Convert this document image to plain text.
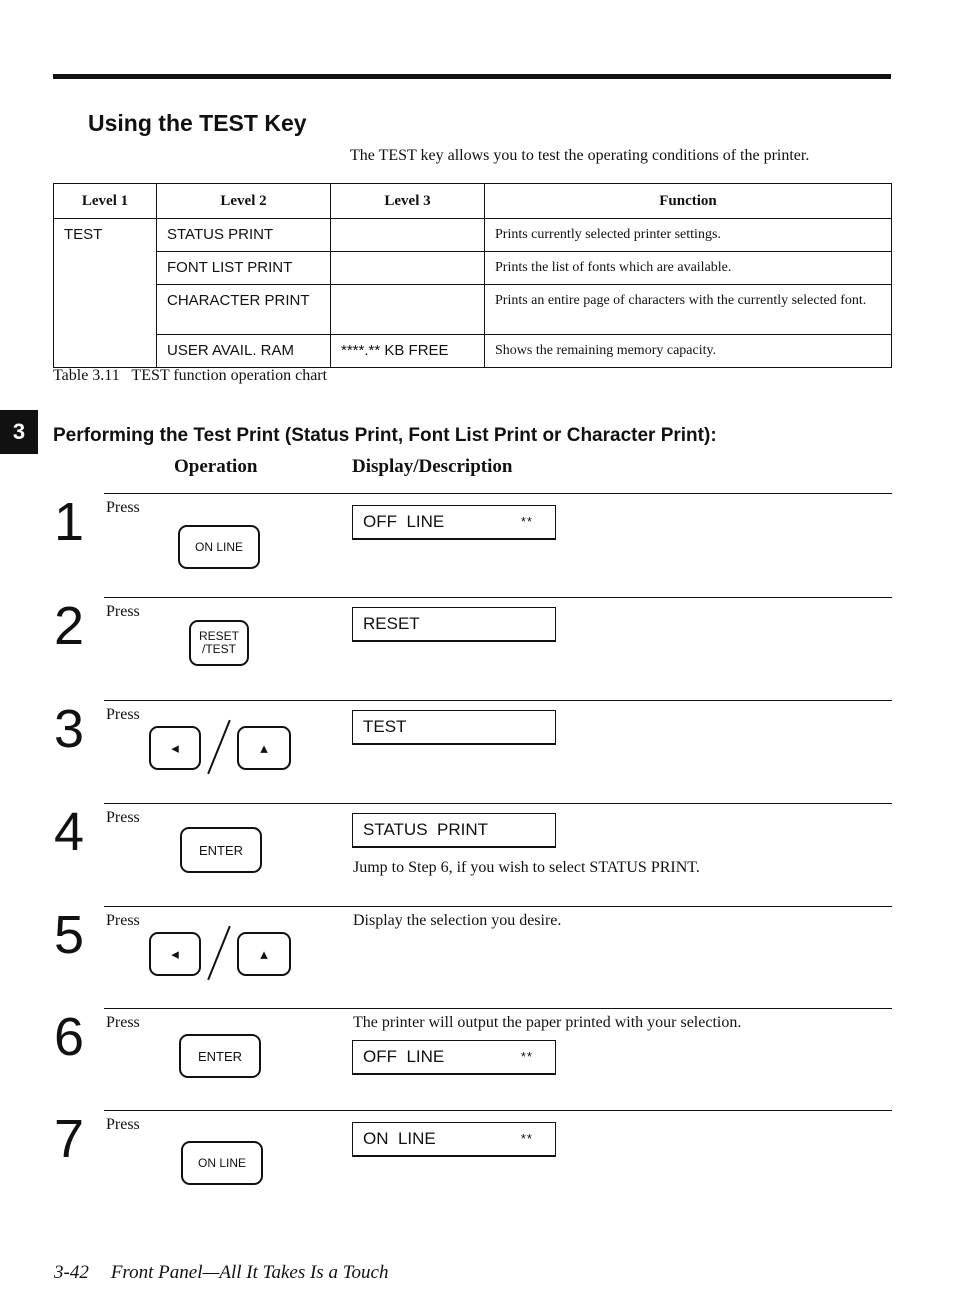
Using the TEST Key
The TEST key allows you to test the operating conditions of the printer.
Level 1	Level 2	Level 3	Function
TEST	STATUS PRINT		Prints currently selected printer settings.
	FONT LIST PRINT		Prints the list of fonts which are available.
	CHARACTER PRINT		Prints an entire page of characters with the currently selected font.
	USER AVAIL. RAM	****.** KB FREE	Shows the remaining memory capacity.
Table 3.11   TEST function operation chart
3	Performing the Test Print (Status Print, Font List Print or Character Print):
Operation	Display/Description
1 Press
ON LINE
OFF  LINE	**
2 Press
RESET
/TEST
RESET
3 Press
◂	▴
TEST
4 Press
ENTER
STATUS  PRINT
Jump to Step 6, if you wish to select STATUS PRINT.
5 Press
◂	▴
Display the selection you desire.
6 Press
ENTER
The printer will output the paper printed with your selection.
OFF  LINE	**
7 Press
ON LINE
ON  LINE	**
3-42 Front Panel—All It Takes Is a Touch
